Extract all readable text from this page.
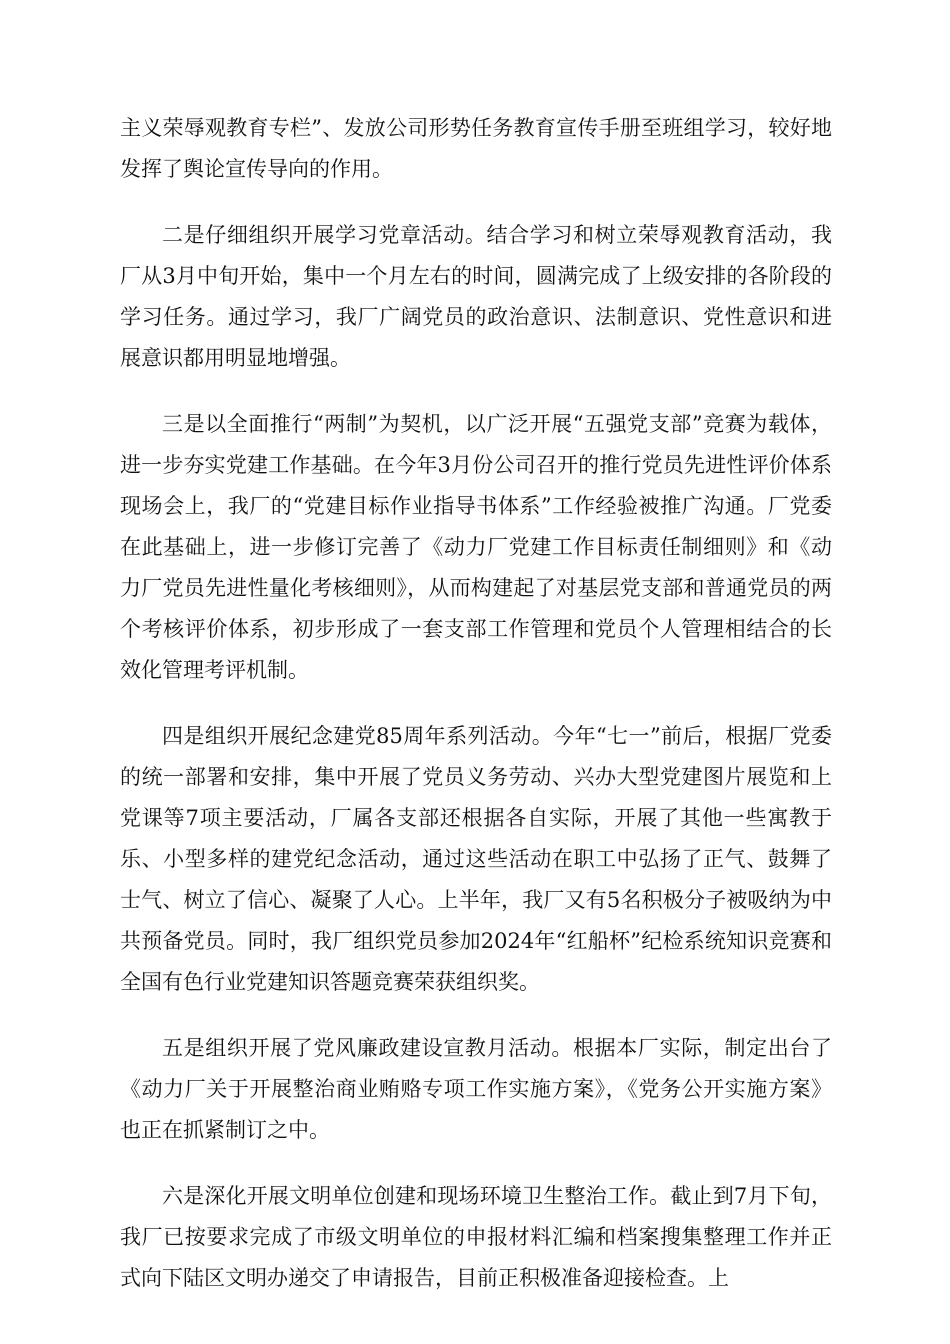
主义荣辱观教育专栏”、发放公司形势任务教育宣传手册至班组学习，较好地发挥了舆论宣传导向的作用。

二是仔细组织开展学习党章活动。结合学习和树立荣辱观教育活动，我厂从3月中旬开始，集中一个月左右的时间，圆满完成了上级安排的各阶段的学习任务。通过学习，我厂广阔党员的政治意识、法制意识、党性意识和进展意识都用明显地增强。

三是以全面推行“两制”为契机，以广泛开展“五强党支部”竞赛为载体，进一步夯实党建工作基础。在今年3月份公司召开的推行党员先进性评价体系现场会上，我厂的“党建目标作业指导书体系”工作经验被推广沟通。厂党委在此基础上，进一步修订完善了《动力厂党建工作目标责任制细则》和《动力厂党员先进性量化考核细则》，从而构建起了对基层党支部和普通党员的两个考核评价体系，初步形成了一套支部工作管理和党员个人管理相结合的长效化管理考评机制。

四是组织开展纪念建党85周年系列活动。今年“七一”前后，根据厂党委的统一部署和安排，集中开展了党员义务劳动、兴办大型党建图片展览和上党课等7项主要活动，厂属各支部还根据各自实际，开展了其他一些寓教于乐、小型多样的建党纪念活动，通过这些活动在职工中弘扬了正气、鼓舞了士气、树立了信心、凝聚了人心。上半年，我厂又有5名积极分子被吸纳为中共预备党员。同时，我厂组织党员参加2024年“红船杯”纪检系统知识竞赛和全国有色行业党建知识答题竞赛荣获组织奖。

五是组织开展了党风廉政建设宣教月活动。根据本厂实际，制定出台了《动力厂关于开展整治商业贿赂专项工作实施方案》，《党务公开实施方案》也正在抓紧制订之中。

六是深化开展文明单位创建和现场环境卫生整治工作。截止到7月下旬，我厂已按要求完成了市级文明单位的申报材料汇编和档案搜集整理工作并正式向下陆区文明办递交了申请报告，目前正积极准备迎接检查。上
